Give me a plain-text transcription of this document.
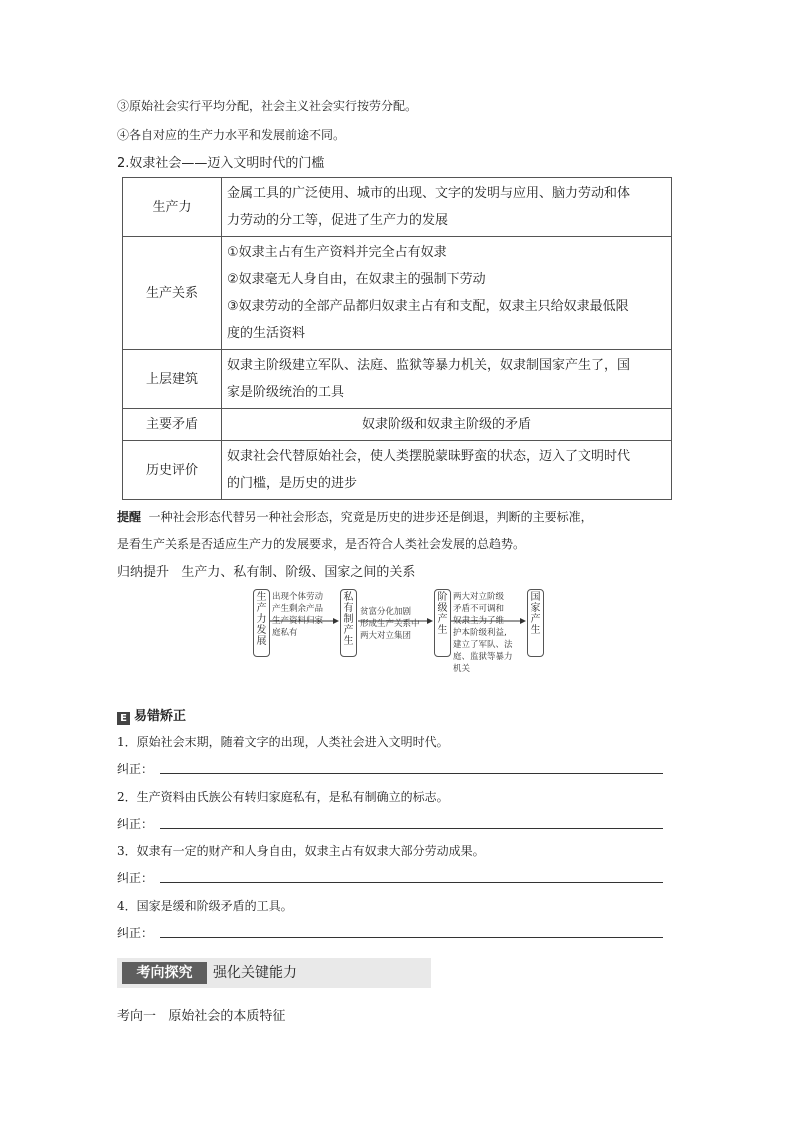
③原始社会实行平均分配，社会主义社会实行按劳分配。
④各自对应的生产力水平和发展前途不同。
2.奴隶社会——迈入文明时代的门槛
生产力	金属工具的广泛使用、城市的出现、文字的发明与应用、脑力劳动和体
力劳动的分工等，促进了生产力的发展

生产关系	①奴隶主占有生产资料并完全占有奴隶
②奴隶毫无人身自由，在奴隶主的强制下劳动
③奴隶劳动的全部产品都归奴隶主占有和支配，奴隶主只给奴隶最低限
度的生活资料

上层建筑	奴隶主阶级建立军队、法庭、监狱等暴力机关，奴隶制国家产生了，国
家是阶级统治的工具

主要矛盾	奴隶阶级和奴隶主阶级的矛盾

历史评价	奴隶社会代替原始社会，使人类摆脱蒙昧野蛮的状态，迈入了文明时代
的门槛，是历史的进步
提醒 一种社会形态代替另一种社会形态，究竟是历史的进步还是倒退，判断的主要标准，
是看生产关系是否适应生产力的发展要求，是否符合人类社会发展的总趋势。
归纳提升 生产力、私有制、阶级、国家之间的关系
生产力发展
出现个体劳动
产生剩余产品
生产资料归家
庭私有
私有制产生
贫富分化加剧
形成生产关系中
两大对立集团
阶级产生
两大对立阶级
矛盾不可调和
奴隶主为了维
护本阶级利益,
建立了军队、法
庭、监狱等暴力
机关
国家产生
E 易错矫正
1．原始社会末期，随着文字的出现，人类社会进入文明时代。
纠正：
2．生产资料由氏族公有转归家庭私有，是私有制确立的标志。
纠正：
3．奴隶有一定的财产和人身自由，奴隶主占有奴隶大部分劳动成果。
纠正：
4．国家是缓和阶级矛盾的工具。
纠正：
考向探究	强化关键能力
考向一 原始社会的本质特征
